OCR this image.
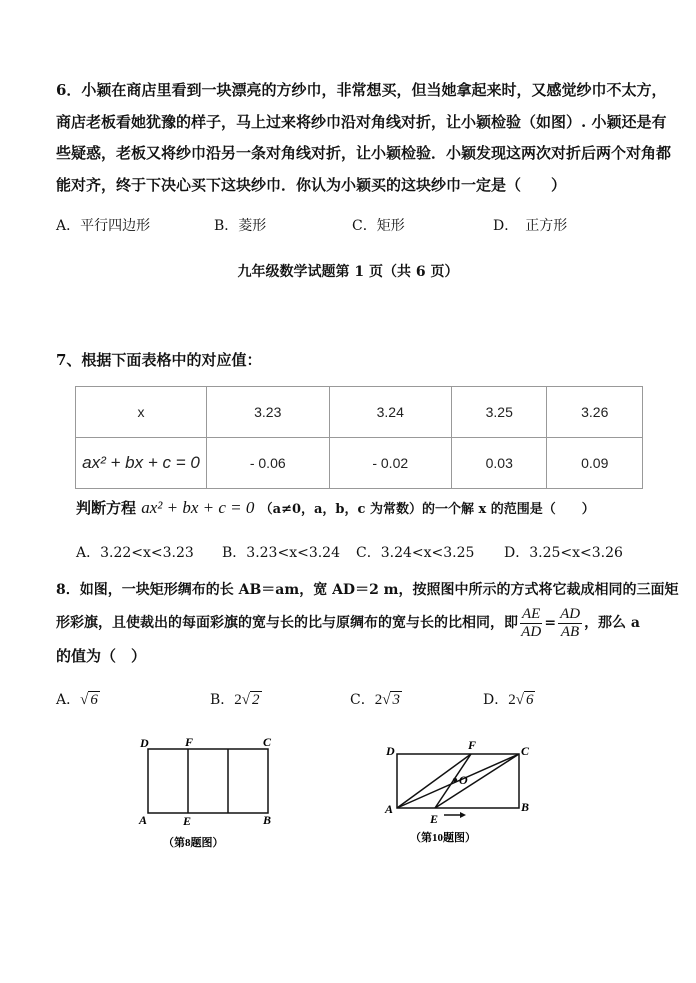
6．小颖在商店里看到一块漂亮的方纱巾，非常想买，但当她拿起来时，又感觉纱巾不太方，
商店老板看她犹豫的样子，马上过来将纱巾沿对角线对折，让小颖检验（如图）. 小颖还是有
些疑惑，老板又将纱巾沿另一条对角线对折，让小颖检验．小颖发现这两次对折后两个对角都
能对齐，终于下决心买下这块纱巾．你认为小颖买的这块纱巾一定是（　　）
A．平行四边形	B．菱形	C．矩形	D．　正方形
九年级数学试题第 1 页（共 6 页）
7、根据下面表格中的对应值：
x	3.23	3.24	3.25	3.26
ax² + bx + c = 0	- 0.06	- 0.02	0.03	0.09
判断方程 ax² + bx + c = 0 （a≠0，a，b，c 为常数）的一个解 x 的范围是（　　）
A．3.22<x<3.23 B．3.23<x<3.24 C．3.24<x<3.25 D．3.25<x<3.26
8．如图，一块矩形绸布的长 AB＝am，宽 AD＝2 m，按照图中所示的方式将它裁成相同的三面矩
形彩旗，且使裁出的每面彩旗的宽与长的比与原绸布的宽与长的比相同，即 $\frac{AE}{AD} = \frac{AD}{AB}$ ，那么 a
的值为（　）
A．√ 6	B．2√ 2	C．2√ 3	D．2√ 6
D	F	C
A	E	B
（第8题图）
D	F	C
A
E
B
O
（第10题图）
